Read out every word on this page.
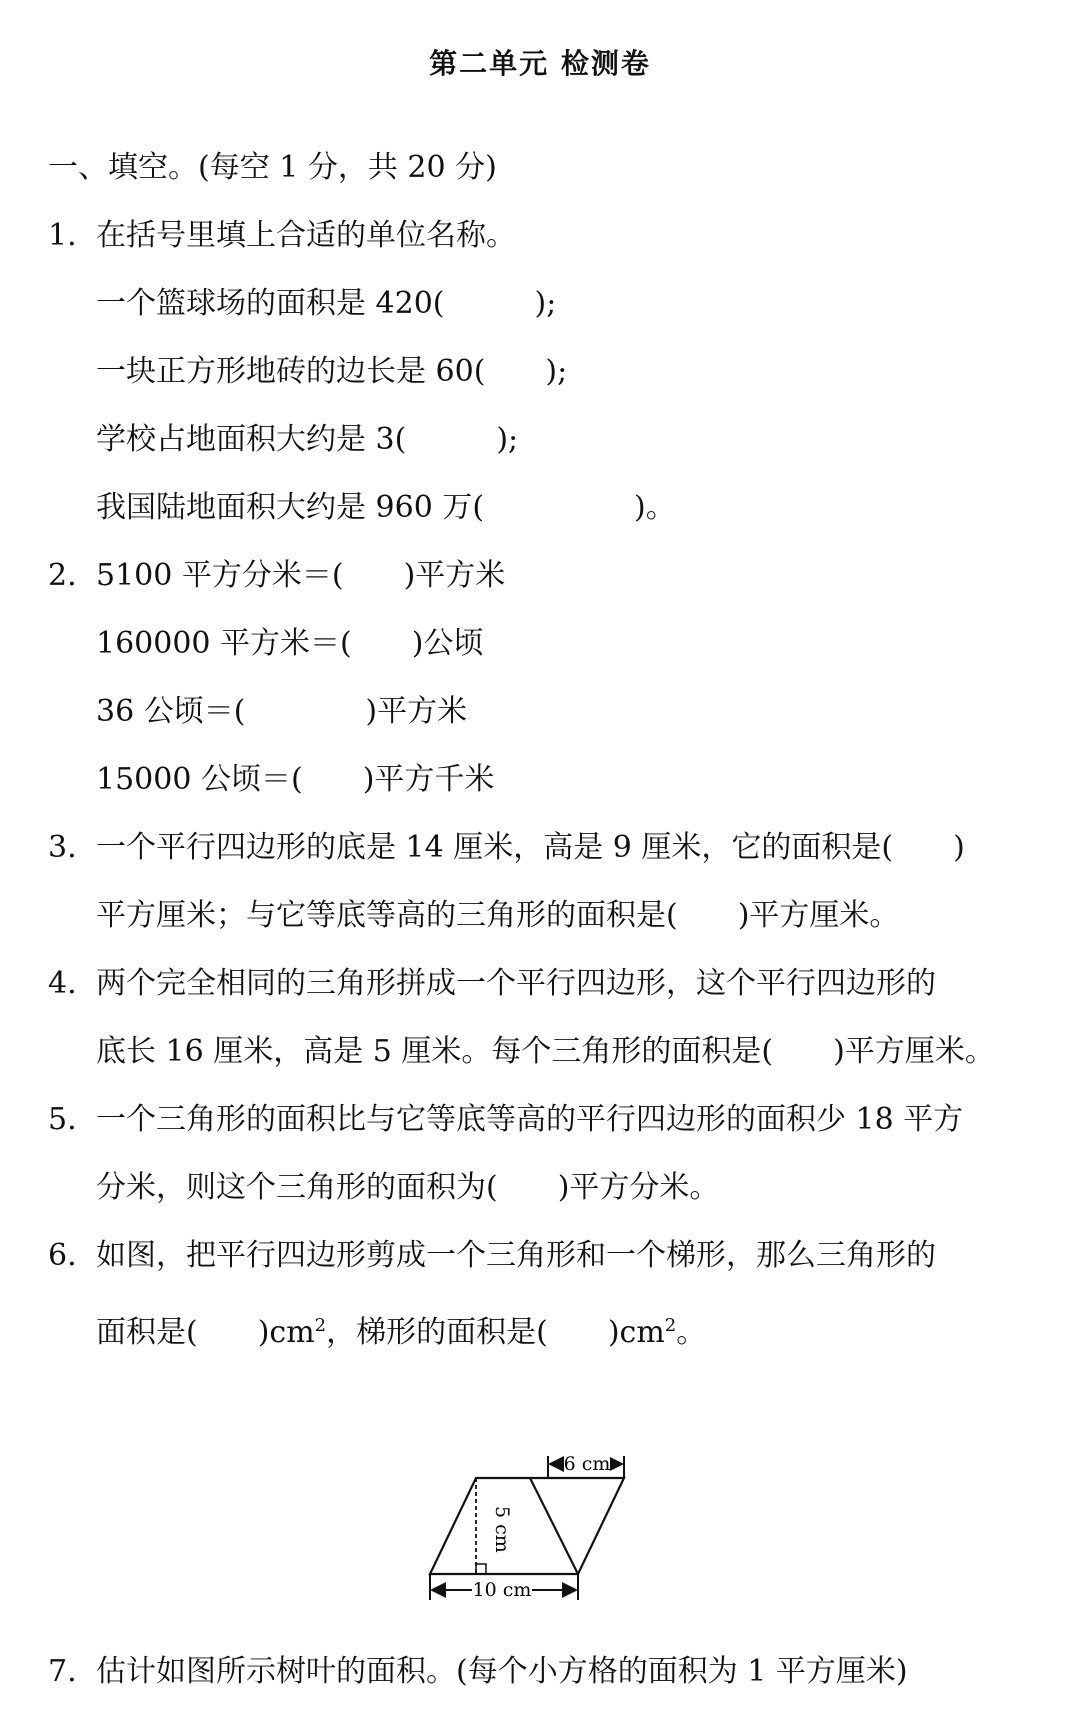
第二单元 检测卷
一、填空。(每空 1 分，共 20 分)
1. 在括号里填上合适的单位名称。
一个篮球场的面积是 420(	);
一块正方形地砖的边长是 60( );
学校占地面积大约是 3(	);
我国陆地面积大约是 960 万(	)。
2. 5100 平方分米＝( )平方米
160000 平方米＝( )公顷
36 公顷＝(	)平方米
15000 公顷＝( )平方千米
3. 一个平行四边形的底是 14 厘米，高是 9 厘米，它的面积是( )
平方厘米；与它等底等高的三角形的面积是( )平方厘米。
4. 两个完全相同的三角形拼成一个平行四边形，这个平行四边形的
底长 16 厘米，高是 5 厘米。每个三角形的面积是( )平方厘米。
5. 一个三角形的面积比与它等底等高的平行四边形的面积少 18 平方
分米，则这个三角形的面积为( )平方分米。
6. 如图，把平行四边形剪成一个三角形和一个梯形，那么三角形的
面积是( )$cm^2$，梯形的面积是( )$cm^2$。
6 cm
5 cm
10 cm
7. 估计如图所示树叶的面积。(每个小方格的面积为 1 平方厘米)
